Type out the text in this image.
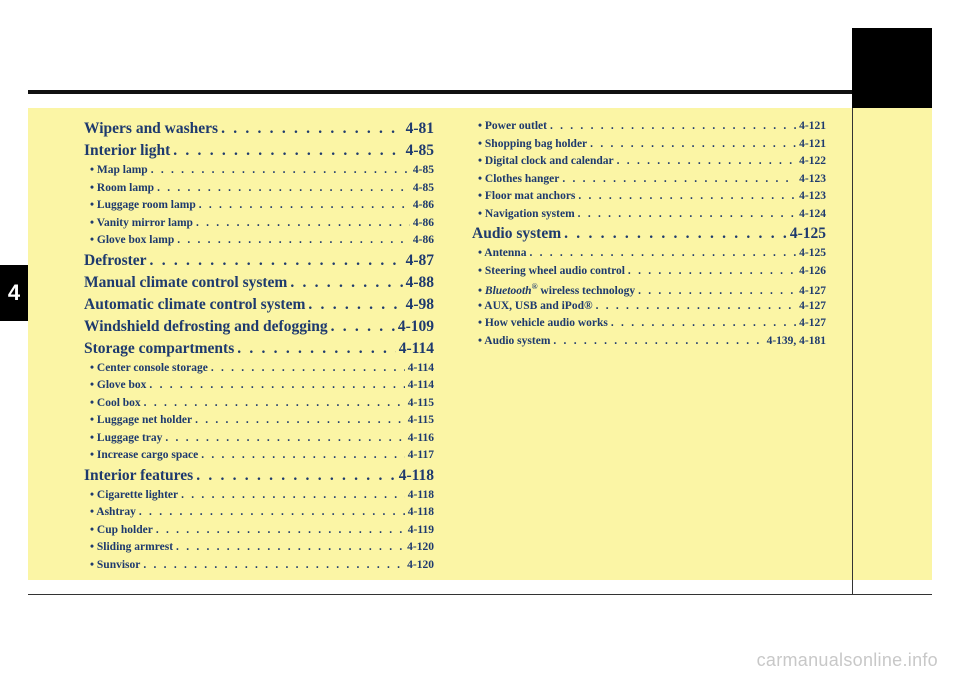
4
Wipers and washers . . .	4-81
Interior light . . .	4-85
• Map lamp . . .	4-85
• Room lamp . . .	4-85
• Luggage room lamp . . .	4-86
• Vanity mirror lamp . . .	4-86
• Glove box lamp . . .	4-86
Defroster . . .	4-87
Manual climate control system . . .	4-88
Automatic climate control system . . .	4-98
Windshield defrosting and defogging . . .	4-109
Storage compartments . . .	4-114
• Center console storage . . .	4-114
• Glove box . . .	4-114
• Cool box . . .	4-115
• Luggage net holder . . .	4-115
• Luggage tray . . .	4-116
• Increase cargo space . . .	4-117
Interior features . . .	4-118
• Cigarette lighter . . .	4-118
• Ashtray . . .	4-118
• Cup holder . . .	4-119
• Sliding armrest . . .	4-120
• Sunvisor . . .	4-120
• Power outlet . . .	4-121
• Shopping bag holder . . .	4-121
• Digital clock and calendar . . .	4-122
• Clothes hanger . . .	4-123
• Floor mat anchors . . .	4-123
• Navigation system . . .	4-124
Audio system . . .	4-125
• Antenna . . .	4-125
• Steering wheel audio control . . .	4-126
• Bluetooth® wireless technology . . .	4-127
• AUX, USB and iPod® . . .	4-127
• How vehicle audio works . . .	4-127
• Audio system . . .	4-139, 4-181
carmanualsonline.info
